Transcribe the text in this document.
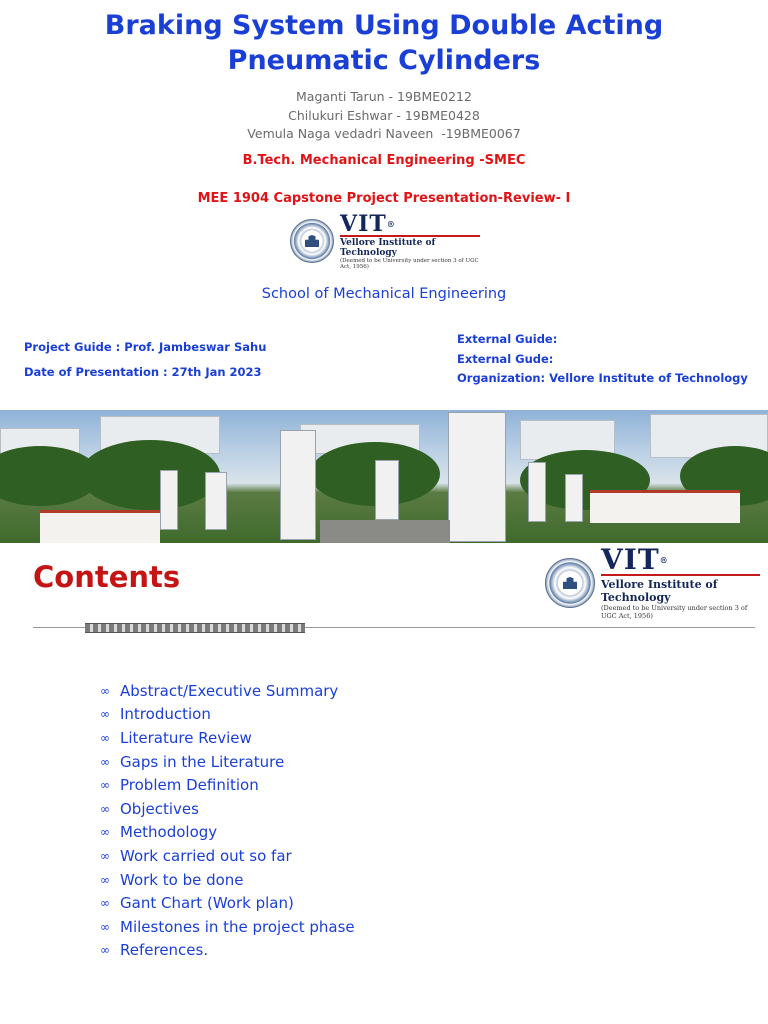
Braking System Using Double Acting
Pneumatic Cylinders
Maganti Tarun - 19BME0212
Chilukuri Eshwar - 19BME0428
Vemula Naga vedadri Naveen  -19BME0067
B.Tech. Mechanical Engineering -SMEC
MEE 1904 Capstone Project Presentation-Review- I
VIT®
Vellore Institute of Technology
(Deemed to be University under section 3 of UGC Act, 1956)
School of Mechanical Engineering
Project Guide : Prof. Jambeswar Sahu
Date of Presentation : 27th Jan 2023
External Guide:
External Gude:
Organization: Vellore Institute of Technology
Contents
VIT®
Vellore Institute of Technology
(Deemed to be University under section 3 of UGC Act, 1956)
∞ Abstract/Executive Summary
∞ Introduction
∞ Literature Review
∞ Gaps in the Literature
∞ Problem Definition
∞ Objectives
∞ Methodology
∞ Work carried out so far
∞ Work to be done
∞ Gant Chart (Work plan)
∞ Milestones in the project phase
∞ References.
